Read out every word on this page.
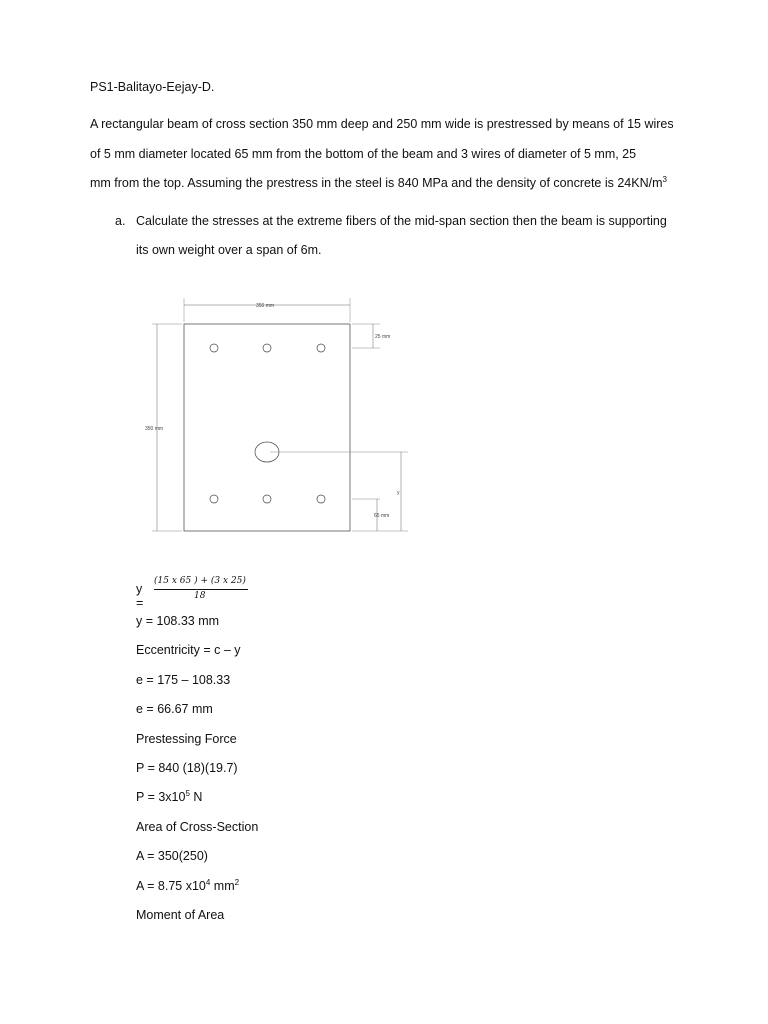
PS1-Balitayo-Eejay-D.
A rectangular beam of cross section 350 mm deep and 250 mm wide is prestressed by means of 15 wires
of 5 mm diameter located 65 mm from the bottom of the beam and 3 wires of diameter of 5 mm, 25
mm from the top. Assuming the prestress in the steel is 840 MPa and the density of concrete is $24KN/m^3$
a. Calculate the stresses at the extreme fibers of the mid-span section then the beam is supporting
its own weight over a span of 6m.
350 mm
350 mm
25 mm
y
65 mm
y =
(15 x 65 ) + (3 x 25)
18
y = 108.33 mm
Eccentricity = c – y
e = 175 – 108.33
e = 66.67 mm
Prestessing Force
P = 840 (18)(19.7)
$P = 3x10^5$ N
Area of Cross-Section
A = 350(250)
A = 8.75 $x10^4$ $mm^2$
Moment of Area
